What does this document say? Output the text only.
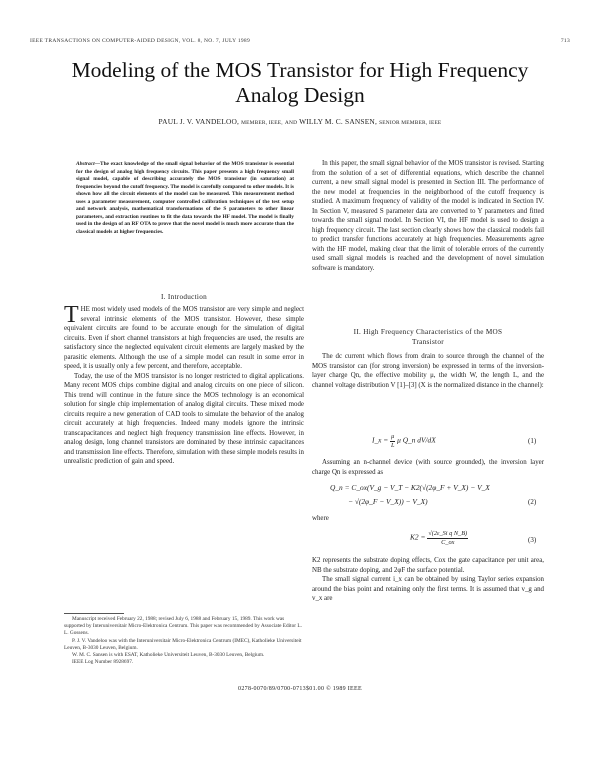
IEEE TRANSACTIONS ON COMPUTER-AIDED DESIGN, VOL. 8, NO. 7, JULY 1989	713
Modeling of the MOS Transistor for High Frequency
Analog Design
PAUL J. V. VANDELOO, MEMBER, IEEE, AND WILLY M. C. SANSEN, SENIOR MEMBER, IEEE
Abstract—The exact knowledge of the small signal behavior of the MOS transistor is essential for the design of analog high frequency circuits. This paper presents a high frequency small signal model, capable of describing accurately the MOS transistor (in saturation) at frequencies beyond the cutoff frequency. The model is carefully compared to other models. It is shown how all the circuit elements of the model can be measured. This measurement method uses a parameter measurement, computer controlled calibration techniques of the test setup and network analysis, mathematical transformations of the S parameters to other linear parameters, and extraction routines to fit the data towards the HF model. The model is finally used in the design of an RF OTA to prove that the novel model is much more accurate than the classical models at higher frequencies.
I. Introduction

THE most widely used models of the MOS transistor are very simple and neglect several intrinsic elements of the MOS transistor. However, these simple equivalent circuits are found to be accurate enough for the simulation of digital circuits. Even if short channel transistors at high frequencies are used, the results are satisfactory since the neglected equivalent circuit elements are largely masked by the parasitic elements. Although the use of a simple model can result in some error in speed, it is usually only a few percent, and therefore, acceptable.

Today, the use of the MOS transistor is no longer restricted to digital applications. Many recent MOS chips combine digital and analog circuits on one piece of silicon. This trend will continue in the future since the MOS technology is an economical solution for single chip implementation of analog digital circuits. These mixed mode circuits require a new generation of CAD tools to simulate the behavior of the analog circuit accurately at high frequencies. Indeed many models ignore the intrinsic transcapacitances and neglect high frequency transmission line effects. However, in analog design, long channel transistors are dominated by these intrinsic capacitances and transmission line effects. Therefore, simulation with these simple models results in unrealistic prediction of gain and speed.

Manuscript received February 22, 1988; revised July 6, 1988 and February 15, 1989. This work was supported by Interuniversitair Micro-Elektronica Centrum. This paper was recommended by Associate Editor L. L. Gossens.

P. J. V. Vandeloo was with the Interuniversitair Micro-Elektronica Centrum (IMEC), Katholieke Universiteit Leuven, B-3030 Leuven, Belgium.

W. M. C. Sansen is with ESAT, Katholieke Universiteit Leuven, B-3030 Leuven, Belgium.

IEEE Log Number 8928697.

In this paper, the small signal behavior of the MOS transistor is revised. Starting from the solution of a set of differential equations, which describe the channel current, a new small signal model is presented in Section III. The performance of the new model at frequencies in the neighborhood of the cutoff frequency is studied. A maximum frequency of validity of the model is indicated in Section IV. In Section V, measured S parameter data are converted to Y parameters and fitted towards the small signal model. In Section VI, the HF model is used to design a high frequency circuit. The last section clearly shows how the classical models fail to predict transfer functions accurately at high frequencies. Measurements agree with the HF model, making clear that the limit of tolerable errors of the currently used small signal models is reached and the development of novel simulation software is mandatory.

II. High Frequency Characteristics of the MOS
Transistor

The dc current which flows from drain to source through the channel of the MOS transistor can (for strong inversion) be expressed in terms of the inversion-layer charge Qn, the effective mobility μ, the width W, the length L, and the channel voltage distribution V [1]–[3] (X is the normalized distance in the channel):

I_x = $\frac{\mu}{L}$ μ Q_n dV/dX	(1)

Assuming an n-channel device (with source grounded), the inversion layer charge Qn is expressed as

Q_n = C_ox(V_g − V_T − K2(√(2φ_F + V_X) − V_X
− √(2φ_F − V_X)) − V_X)	(2)

where

$K2 = \frac{\text{√(2ε\_Si q N\_B)}}{C\_ox}$	(3)

K2 represents the substrate doping effects, Cox the gate capacitance per unit area, NB the substrate doping, and 2φF the surface potential.

The small signal current i_x can be obtained by using Taylor series expansion around the bias point and retaining only the first terms. It is assumed that v_g and v_x are

0278-0070/89/0700-0713$01.00 © 1989 IEEE
